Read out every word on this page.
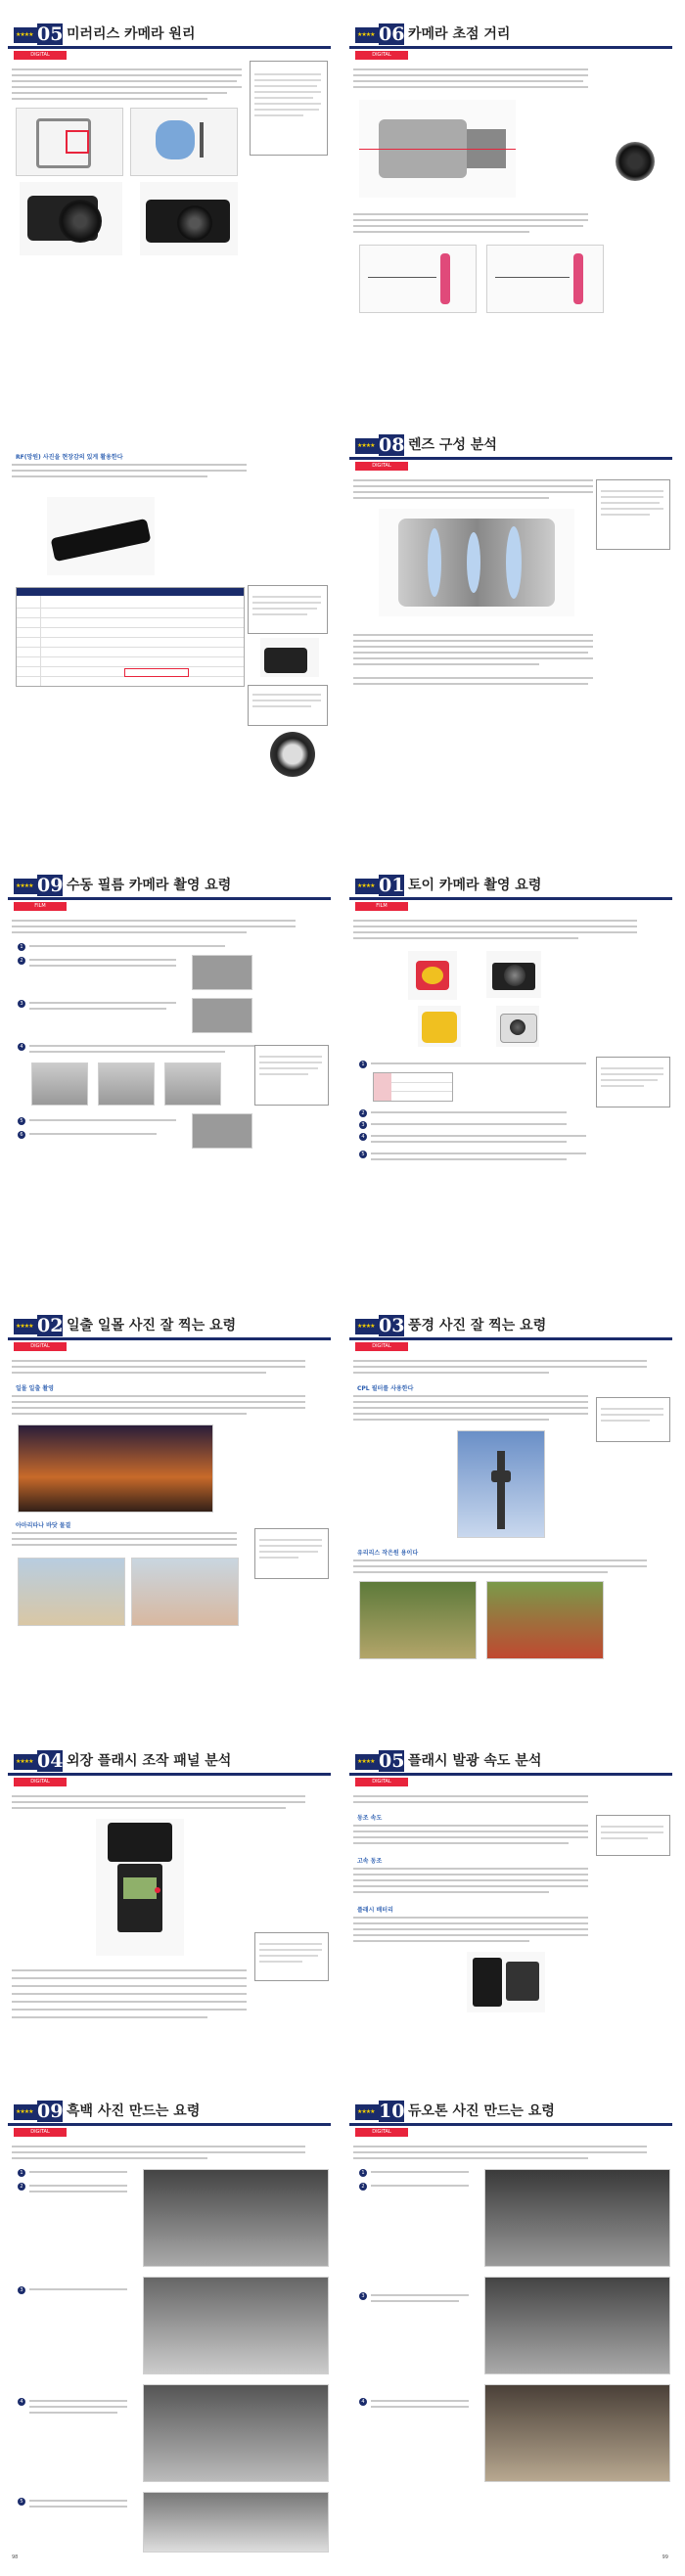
★★★★ 05 미러리스 카메라 원리
DIGITAL
★★★★ 06 카메라 초점 거리
DIGITAL
RF(망원) 사진을 현장감의 있게 활용한다
★★★★ 08 렌즈 구성 분석
DIGITAL
★★★★ 09 수동 필름 카메라 촬영 요령
FILM
1
2
3
4
5
6
★★★★ 01 토이 카메라 촬영 요령
FILM
1
2
3
4
5
★★★★ 02 일출 일몰 사진 잘 찍는 요령
DIGITAL
일몰 일출 촬영
아마리타나 바닷 물결
★★★★ 03 풍경 사진 잘 찍는 요령
DIGITAL
CPL 필터를 사용한다
유리리스 작은원 용이다
★★★★ 04 외장 플래시 조작 패널 분석
DIGITAL
★★★★ 05 플래시 발광 속도 분석
DIGITAL
동조 속도
고속 동조
플래시 배터리
★★★★ 09 흑백 사진 만드는 요령
DIGITAL
1
2
3
4
5
98
★★★★ 10 듀오톤 사진 만드는 요령
DIGITAL
1
2
3
4
99
